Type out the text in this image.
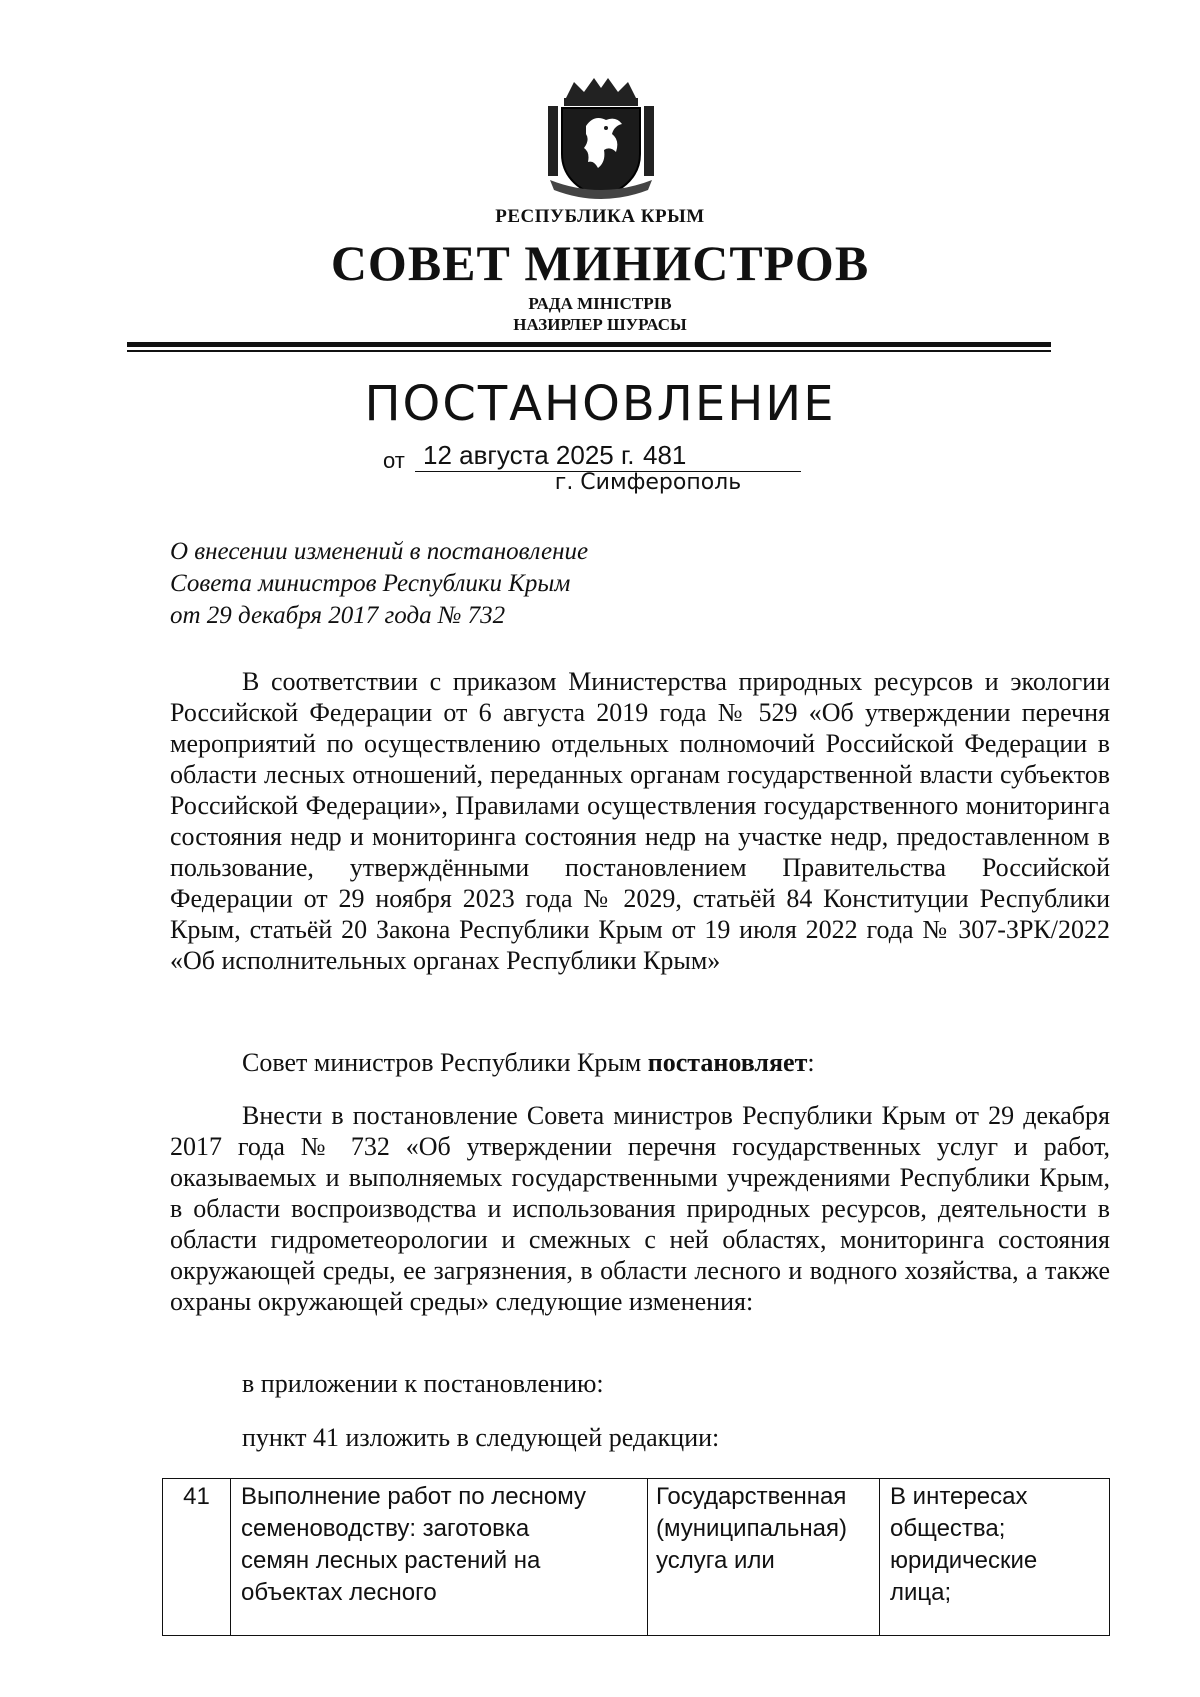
РЕСПУБЛИКА КРЫМ
СОВЕТ МИНИСТРОВ
РАДА МІНІСТРІВ
НАЗИРЛЕР ШУРАСЫ
ПОСТАНОВЛЕНИЕ
от 12 августа 2025 г. 481
г. Симферополь
О внесении изменений в постановление
Совета министров Республики Крым
от 29 декабря 2017 года № 732
В соответствии с приказом Министерства природных ресурсов и экологии Российской Федерации от 6 августа 2019 года № 529 «Об утверждении перечня мероприятий по осуществлению отдельных полномочий Российской Федерации в области лесных отношений, переданных органам государственной власти субъектов Российской Федерации», Правилами осуществления государственного мониторинга состояния недр и мониторинга состояния недр на участке недр, предоставленном в пользование, утверждёнными постановлением Правительства Российской Федерации от 29 ноября 2023 года № 2029, статьёй 84 Конституции Республики Крым, статьёй 20 Закона Республики Крым от 19 июля 2022 года № 307-ЗРК/2022 «Об исполнительных органах Республики Крым»
Совет министров Республики Крым постановляет:
Внести в постановление Совета министров Республики Крым от 29 декабря 2017 года № 732 «Об утверждении перечня государственных услуг и работ, оказываемых и выполняемых государственными учреждениями Республики Крым, в области воспроизводства и использования природных ресурсов, деятельности в области гидрометеорологии и смежных с ней областях, мониторинга состояния окружающей среды, ее загрязнения, в области лесного и водного хозяйства, а также охраны окружающей среды» следующие изменения:
в приложении к постановлению:
пункт 41 изложить в следующей редакции:
41	Выполнение работ по лесному
семеноводству: заготовка
семян лесных растений на
объектах лесного
Государственная
(муниципальная)
услуга или
В интересах
общества;
юридические
лица;
